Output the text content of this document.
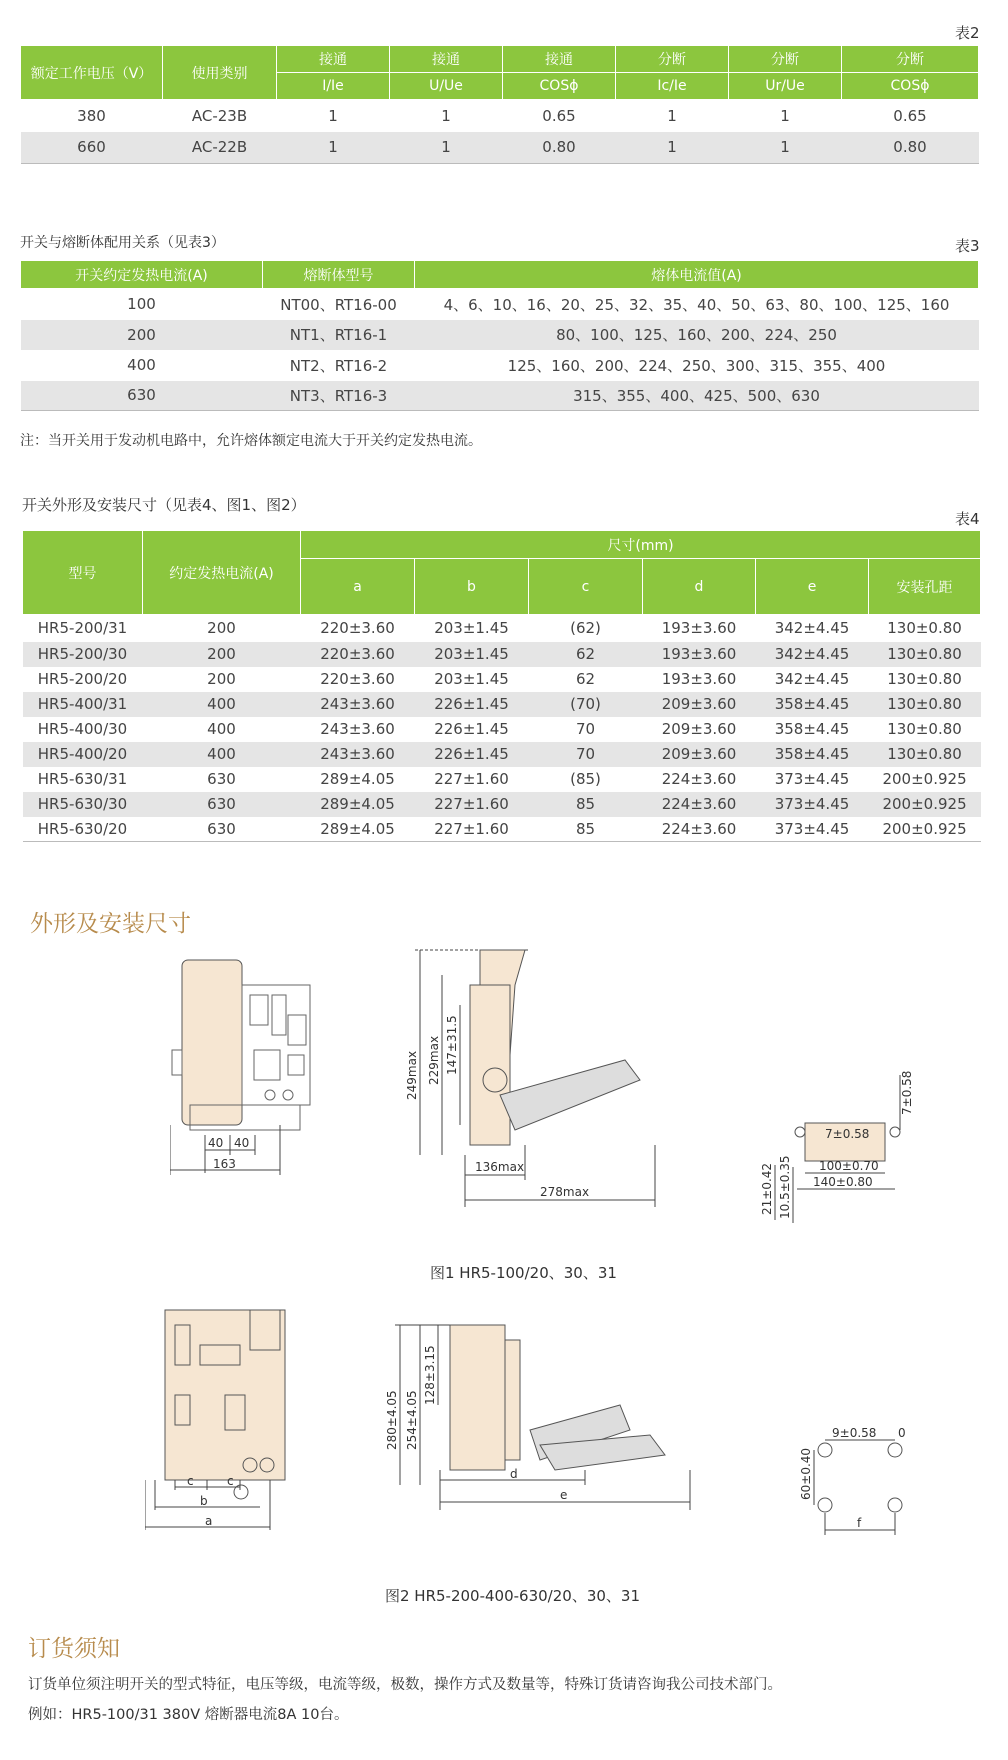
表2
额定工作电压（V）	使用类别	接通	接通	接通	分断	分断	分断
		I/Ie	U/Ue	COSϕ	Ic/Ie	Ur/Ue	COSϕ
380	AC-23B	1	1	0.65	1	1	0.65
660	AC-22B	1	1	0.80	1	1	0.80
开关与熔断体配用关系（见表3）	表3
开关约定发热电流(A)	熔断体型号	熔体电流值(A)
100	NT00、RT16-00	4、6、10、16、20、25、32、35、40、50、63、80、100、125、160
200	NT1、RT16-1	80、100、125、160、200、224、250
400	NT2、RT16-2	125、160、200、224、250、300、315、355、400
630	NT3、RT16-3	315、355、400、425、500、630
注：当开关用于发动机电路中，允许熔体额定电流大于开关约定发热电流。
开关外形及安装尺寸（见表4、图1、图2）
表4
型号	约定发热电流(A)	尺寸(mm)					
		a	b	c	d	e	安装孔距
HR5-200/31	200	220±3.60	203±1.45	(62)	193±3.60	342±4.45	130±0.80
HR5-200/30	200	220±3.60	203±1.45	62	193±3.60	342±4.45	130±0.80
HR5-200/20	200	220±3.60	203±1.45	62	193±3.60	342±4.45	130±0.80
HR5-400/31	400	243±3.60	226±1.45	(70)	209±3.60	358±4.45	130±0.80
HR5-400/30	400	243±3.60	226±1.45	70	209±3.60	358±4.45	130±0.80
HR5-400/20	400	243±3.60	226±1.45	70	209±3.60	358±4.45	130±0.80
HR5-630/31	630	289±4.05	227±1.60	(85)	224±3.60	373±4.45	200±0.925
HR5-630/30	630	289±4.05	227±1.60	85	224±3.60	373±4.45	200±0.925
HR5-630/20	630	289±4.05	227±1.60	85	224±3.60	373±4.45	200±0.925
外形及安装尺寸
40 40
163
249max 229max 147±31.5
136max
278max
7±0.58
7±0.58
21±0.42 10.5±0.35 100±0.70
140±0.80
图1 HR5-100/20、30、31
c	c
b
a
280±4.05 254±4.05
128±3.15
d
e
9±0.58 0
60±0.40
f
图2 HR5-200-400-630/20、30、31
订货须知
订货单位须注明开关的型式特征，电压等级，电流等级，极数，操作方式及数量等，特殊订货请咨询我公司技术部门。
例如：HR5-100/31 380V 熔断器电流8A 10台。
